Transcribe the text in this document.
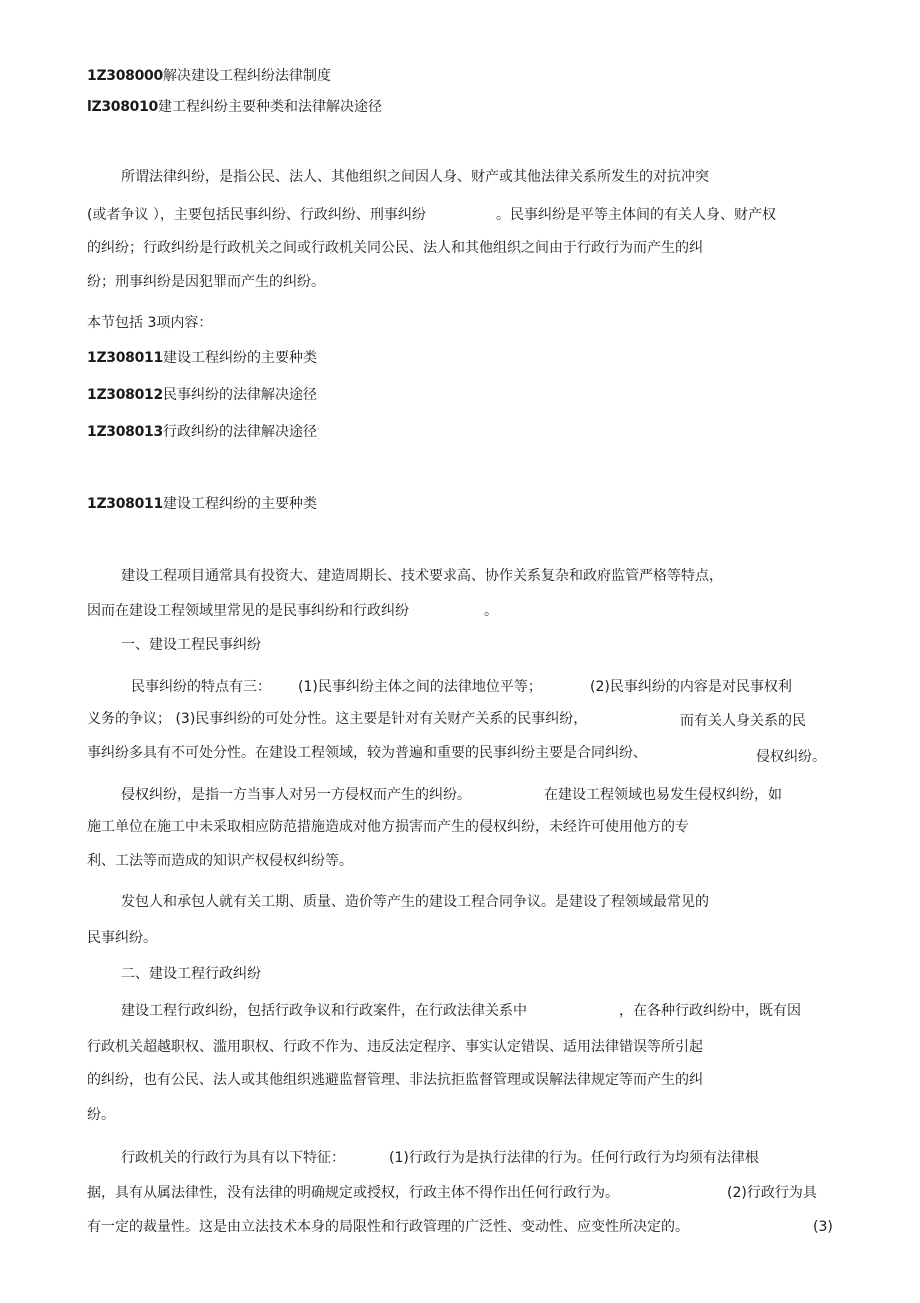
1Z308000解决建设工程纠纷法律制度

lZ308010建工程纠纷主要种类和法律解决途径

所谓法律纠纷，是指公民、法人、其他组织之间因人身、财产或其他法律关系所发生的对抗冲突

(或者争议 ），主要包括民事纠纷、行政纠纷、刑事纠纷	。民事纠纷是平等主体间的有关人身、财产权

的纠纷；行政纠纷是行政机关之间或行政机关同公民、法人和其他组织之间由于行政行为而产生的纠

纷；刑事纠纷是因犯罪而产生的纠纷。

本节包括 3项内容：

1Z308011建设工程纠纷的主要种类

1Z308012民事纠纷的法律解决途径

1Z308013行政纠纷的法律解决途径

1Z308011建设工程纠纷的主要种类

建设工程项目通常具有投资大、建造周期长、技术要求高、协作关系复杂和政府监管严格等特点，

因而在建设工程领域里常见的是民事纠纷和行政纠纷	。

一、建设工程民事纠纷

民事纠纷的特点有三： (1)民事纠纷主体之间的法律地位平等；	(2)民事纠纷的内容是对民事权利

义务的争议； (3)民事纠纷的可处分性。这主要是针对有关财产关系的民事纠纷，	而有关人身关系的民

事纠纷多具有不可处分性。在建设工程领域，较为普遍和重要的民事纠纷主要是合同纠纷、	侵权纠纷。

侵权纠纷，是指一方当事人对另一方侵权而产生的纠纷。	在建设工程领域也易发生侵权纠纷，如

施工单位在施工中未采取相应防范措施造成对他方损害而产生的侵权纠纷，未经许可使用他方的专

利、工法等而造成的知识产权侵权纠纷等。

发包人和承包人就有关工期、质量、造价等产生的建设工程合同争议。是建设了程领域最常见的

民事纠纷。

二、建设工程行政纠纷

建设工程行政纠纷，包括行政争议和行政案件，在行政法律关系中	，在各种行政纠纷中，既有因

行政机关超越职权、滥用职权、行政不作为、违反法定程序、事实认定错误、适用法律错误等所引起

的纠纷，也有公民、法人或其他组织逃避监督管理、非法抗拒监督管理或误解法律规定等而产生的纠

纷。

行政机关的行政行为具有以下特征：	(1)行政行为是执行法律的行为。任何行政行为均须有法律根

据，具有从属法律性，没有法律的明确规定或授权，行政主体不得作出任何行政行为。	(2)行政行为具

有一定的裁量性。这是由立法技术本身的局限性和行政管理的广泛性、变动性、应变性所决定的。	(3)
